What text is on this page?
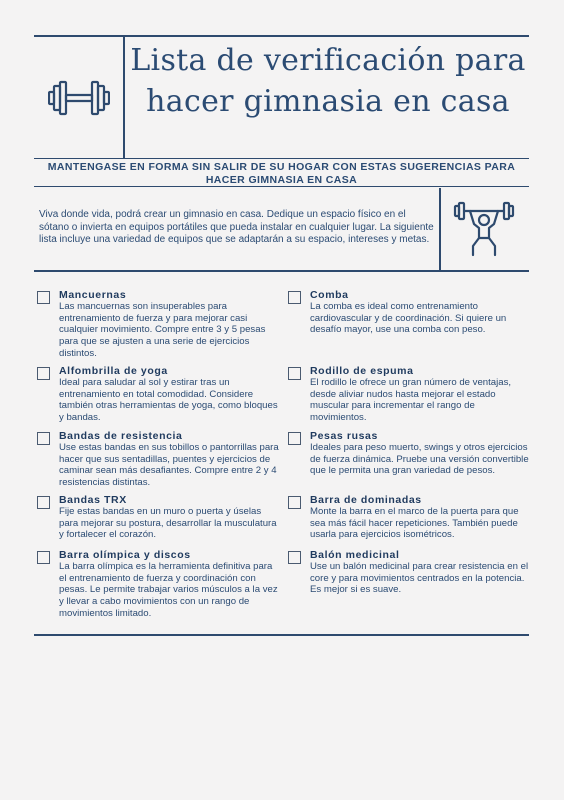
Lista de verificación para hacer gimnasia en casa
MANTENGASE EN FORMA SIN SALIR DE SU HOGAR CON ESTAS SUGERENCIAS PARA HACER GIMNASIA EN CASA

Viva donde vida, podrá crear un gimnasio en casa. Dedique un espacio físico en el sótano o invierta en equipos portátiles que pueda instalar en cualquier lugar. La siguiente lista incluye una variedad de equipos que se adaptarán a su espacio, intereses y metas.

Mancuernas
Las mancuernas son insuperables para entrenamiento de fuerza y para mejorar casi cualquier movimiento. Compre entre 3 y 5 pesas para que se ajusten a una serie de ejercicios distintos.
Alfombrilla de yoga
Ideal para saludar al sol y estirar tras un entrenamiento en total comodidad. Considere también otras herramientas de yoga, como bloques y bandas.
Bandas de resistencia
Use estas bandas en sus tobillos o pantorrillas para hacer que sus sentadillas, puentes y ejercicios de caminar sean más desafiantes. Compre entre 2 y 4 resistencias distintas.
Bandas TRX
Fije estas bandas en un muro o puerta y úselas para mejorar su postura, desarrollar la musculatura y fortalecer el corazón.
Barra olímpica y discos
La barra olímpica es la herramienta definitiva para el entrenamiento de fuerza y coordinación con pesas. Le permite trabajar varios músculos a la vez y llevar a cabo movimientos con un rango de movimientos limitado.
Comba
La comba es ideal como entrenamiento cardiovascular y de coordinación. Si quiere un desafío mayor, use una comba con peso.
Rodillo de espuma
El rodillo le ofrece un gran número de ventajas, desde aliviar nudos hasta mejorar el estado muscular para incrementar el rango de movimientos.
Pesas rusas
Ideales para peso muerto, swings y otros ejercicios de fuerza dinámica. Pruebe una versión convertible que le permita una gran variedad de pesos.
Barra de dominadas
Monte la barra en el marco de la puerta para que sea más fácil hacer repeticiones. También puede usarla para ejercicios isométricos.
Balón medicinal
Use un balón medicinal para crear resistencia en el core y para movimientos centrados en la potencia. Es mejor si es suave.
